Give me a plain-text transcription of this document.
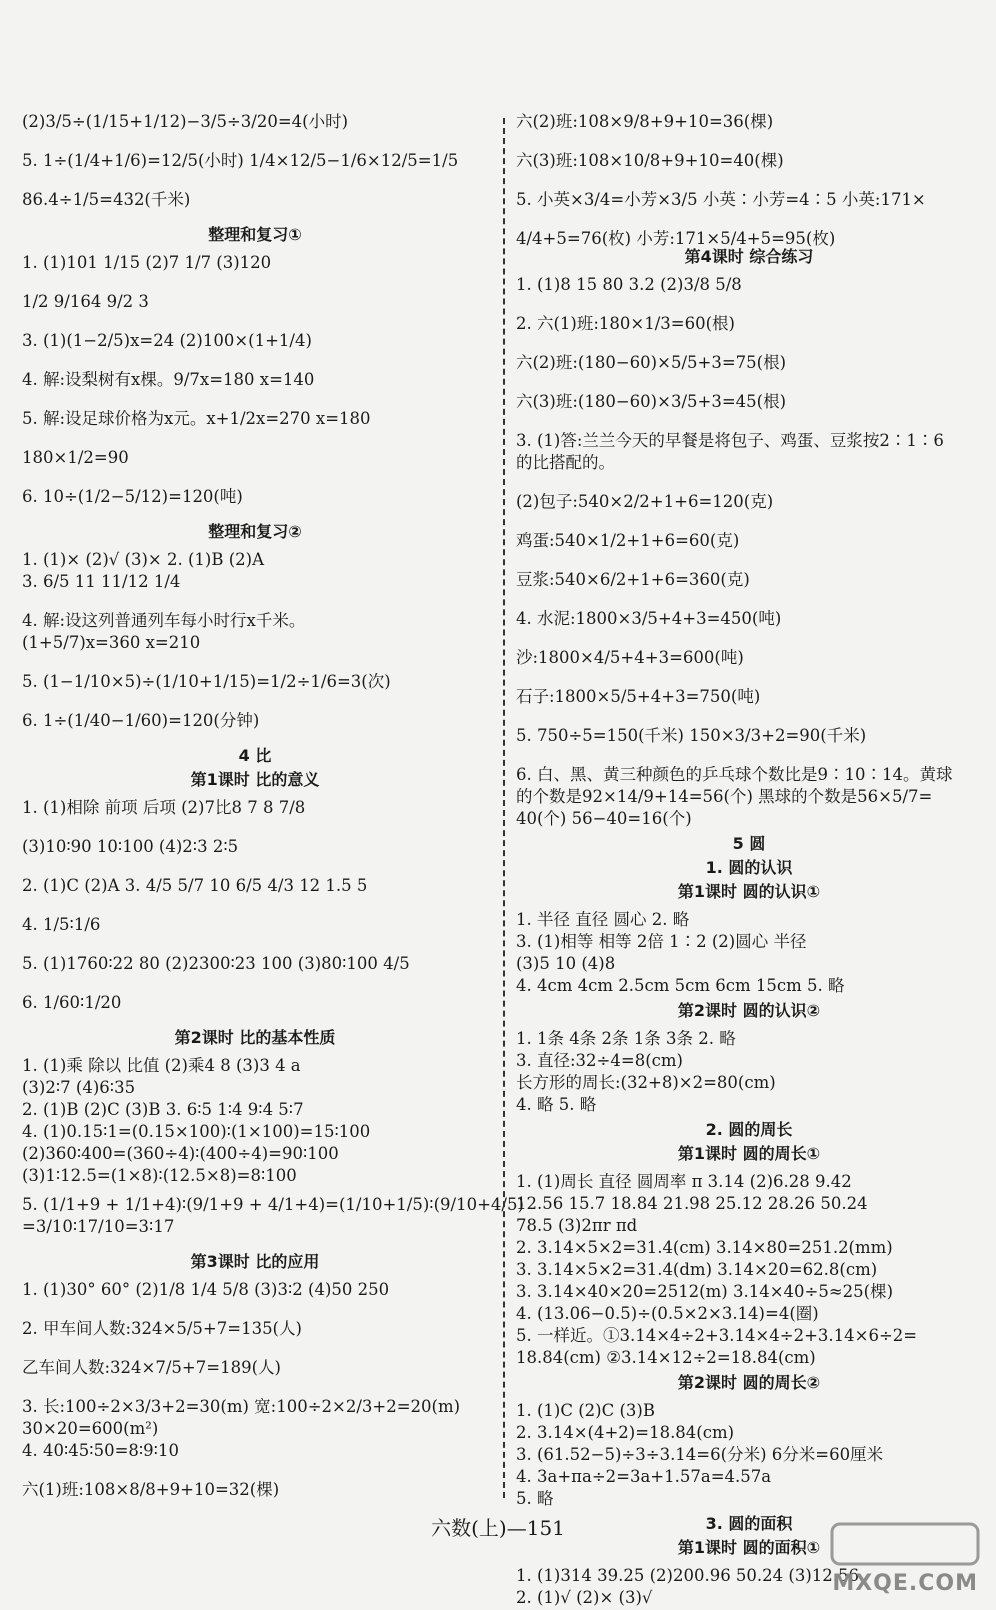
(2)3/5÷(1/15+1/12)−3/5÷3/20=4(小时)
5. 1÷(1/4+1/6)=12/5(小时) 1/4×12/5−1/6×12/5=1/5
86.4÷1/5=432(千米)
整理和复习①
1. (1)101 1/15 (2)7 1/7 (3)120
1/2 9/164 9/2 3
3. (1)(1−2/5)x=24 (2)100×(1+1/4)
4. 解:设梨树有x棵。9/7x=180 x=140
5. 解:设足球价格为x元。x+1/2x=270 x=180
180×1/2=90
6. 10÷(1/2−5/12)=120(吨)
整理和复习②
1. (1)× (2)√ (3)× 2. (1)B (2)A
3. 6/5 11 11/12 1/4
4. 解:设这列普通列车每小时行x千米。
(1+5/7)x=360 x=210
5. (1−1/10×5)÷(1/10+1/15)=1/2÷1/6=3(次)
6. 1÷(1/40−1/60)=120(分钟)
4 比
第1课时 比的意义
1. (1)相除 前项 后项 (2)7比8 7 8 7/8
(3)10∶90 10∶100 (4)2∶3 2∶5
2. (1)C (2)A 3. 4/5 5/7 10 6/5 4/3 12 1.5 5
4. 1/5∶1/6
5. (1)1760∶22 80 (2)2300∶23 100 (3)80∶100 4/5
6. 1/60∶1/20
第2课时 比的基本性质
1. (1)乘 除以 比值 (2)乘4 8 (3)3 4 a
(3)2∶7 (4)6∶35
2. (1)B (2)C (3)B 3. 6∶5 1∶4 9∶4 5∶7
4. (1)0.15∶1=(0.15×100)∶(1×100)=15∶100
(2)360∶400=(360÷4)∶(400÷4)=90∶100
(3)1∶12.5=(1×8)∶(12.5×8)=8∶100
5. (1/1+9 + 1/1+4)∶(9/1+9 + 4/1+4)=(1/10+1/5)∶(9/10+4/5)
=3/10∶17/10=3∶17
第3课时 比的应用
1. (1)30° 60° (2)1/8 1/4 5/8 (3)3∶2 (4)50 250
2. 甲车间人数:324×5/5+7=135(人)
乙车间人数:324×7/5+7=189(人)
3. 长:100÷2×3/3+2=30(m) 宽:100÷2×2/3+2=20(m)
30×20=600(m²)
4. 40∶45∶50=8∶9∶10
六(1)班:108×8/8+9+10=32(棵)
六(2)班:108×9/8+9+10=36(棵)
六(3)班:108×10/8+9+10=40(棵)
5. 小英×3/4=小芳×3/5 小英∶小芳=4∶5 小英:171×
4/4+5=76(枚) 小芳:171×5/4+5=95(枚)
第4课时 综合练习
1. (1)8 15 80 3.2 (2)3/8 5/8
2. 六(1)班:180×1/3=60(根)
六(2)班:(180−60)×5/5+3=75(根)
六(3)班:(180−60)×3/5+3=45(根)
3. (1)答:兰兰今天的早餐是将包子、鸡蛋、豆浆按2∶1∶6
的比搭配的。
(2)包子:540×2/2+1+6=120(克)
鸡蛋:540×1/2+1+6=60(克)
豆浆:540×6/2+1+6=360(克)
4. 水泥:1800×3/5+4+3=450(吨)
沙:1800×4/5+4+3=600(吨)
石子:1800×5/5+4+3=750(吨)
5. 750÷5=150(千米) 150×3/3+2=90(千米)
6. 白、黑、黄三种颜色的乒乓球个数比是9∶10∶14。黄球
的个数是92×14/9+14=56(个) 黑球的个数是56×5/7=
40(个) 56−40=16(个)
5 圆
1. 圆的认识
第1课时 圆的认识①
1. 半径 直径 圆心 2. 略
3. (1)相等 相等 2倍 1∶2 (2)圆心 半径
(3)5 10 (4)8
4. 4cm 4cm 2.5cm 5cm 6cm 15cm 5. 略
第2课时 圆的认识②
1. 1条 4条 2条 1条 3条 2. 略
3. 直径:32÷4=8(cm)
长方形的周长:(32+8)×2=80(cm)
4. 略 5. 略
2. 圆的周长
第1课时 圆的周长①
1. (1)周长 直径 圆周率 π 3.14 (2)6.28 9.42
12.56 15.7 18.84 21.98 25.12 28.26 50.24
78.5 (3)2πr πd
2. 3.14×5×2=31.4(cm) 3.14×80=251.2(mm)
3. 3.14×5×2=31.4(dm) 3.14×20=62.8(cm)
3. 3.14×40×20=2512(m) 3.14×40÷5≈25(棵)
4. (13.06−0.5)÷(0.5×2×3.14)=4(圈)
5. 一样近。①3.14×4÷2+3.14×4÷2+3.14×6÷2=
18.84(cm) ②3.14×12÷2=18.84(cm)
第2课时 圆的周长②
1. (1)C (2)C (3)B
2. 3.14×(4+2)=18.84(cm)
3. (61.52−5)÷3÷3.14=6(分米) 6分米=60厘米
4. 3a+πa÷2=3a+1.57a=4.57a
5. 略
3. 圆的面积
第1课时 圆的面积①
1. (1)314 39.25 (2)200.96 50.24 (3)12.56
2. (1)√ (2)× (3)√
六数(上)—151
MXQE.COM
